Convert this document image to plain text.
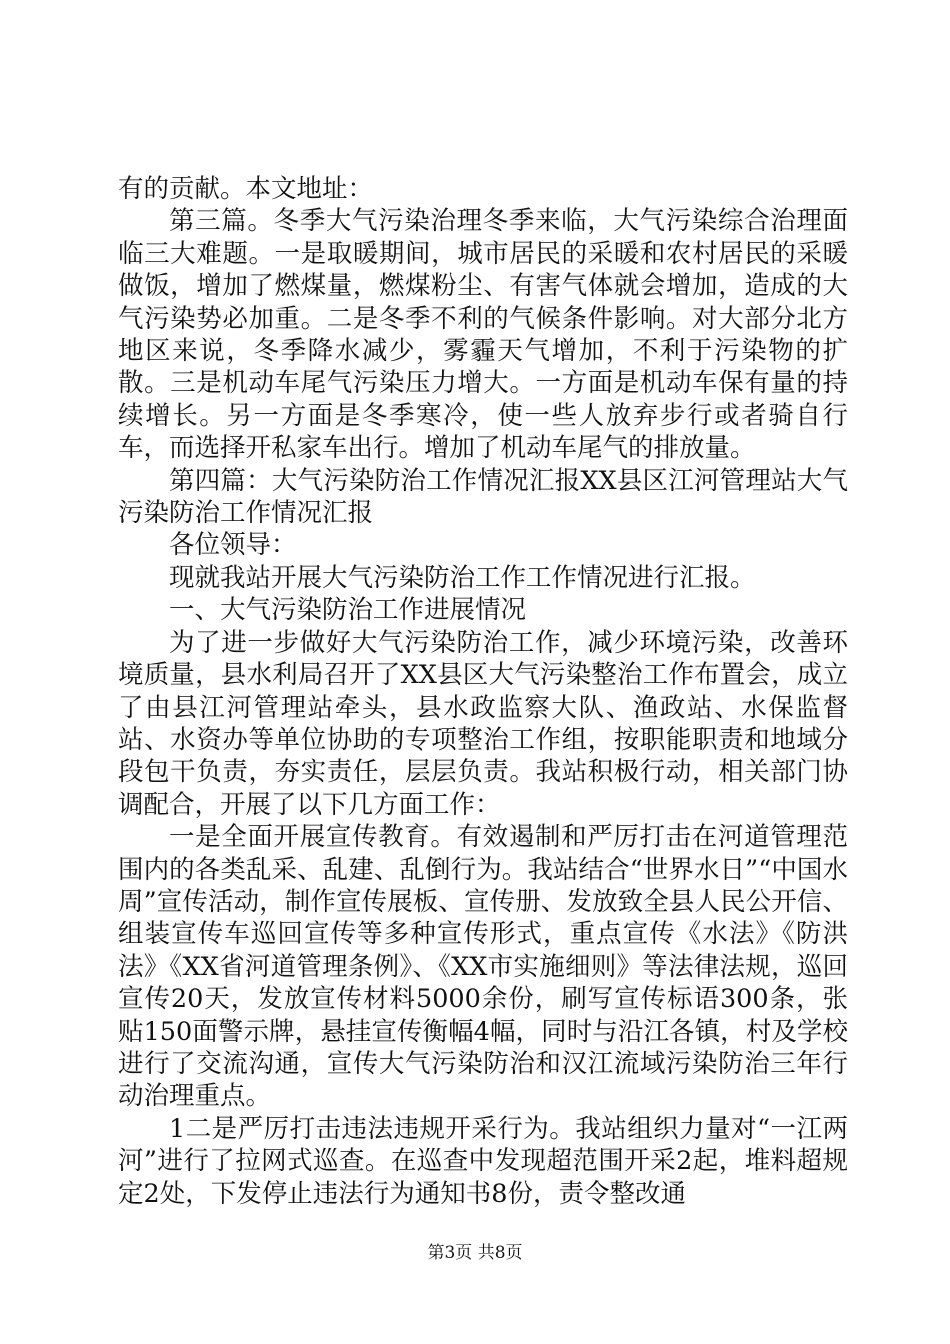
有的贡献。本文地址：

第三篇。冬季大气污染治理冬季来临，大气污染综合治理面临三大难题。一是取暖期间，城市居民的采暖和农村居民的采暖做饭，增加了燃煤量，燃煤粉尘、有害气体就会增加，造成的大气污染势必加重。二是冬季不利的气候条件影响。对大部分北方地区来说，冬季降水减少，雾霾天气增加，不利于污染物的扩散。三是机动车尾气污染压力增大。一方面是机动车保有量的持续增长。另一方面是冬季寒冷，使一些人放弃步行或者骑自行车，而选择开私家车出行。增加了机动车尾气的排放量。

第四篇：大气污染防治工作情况汇报XX县区江河管理站大气污染防治工作情况汇报

各位领导：

现就我站开展大气污染防治工作工作情况进行汇报。

一、大气污染防治工作进展情况

为了进一步做好大气污染防治工作，减少环境污染，改善环境质量，县水利局召开了XX县区大气污染整治工作布置会，成立了由县江河管理站牵头，县水政监察大队、渔政站、水保监督站、水资办等单位协助的专项整治工作组，按职能职责和地域分段包干负责，夯实责任，层层负责。我站积极行动，相关部门协调配合，开展了以下几方面工作：

一是全面开展宣传教育。有效遏制和严厉打击在河道管理范围内的各类乱采、乱建、乱倒行为。我站结合“世界水日”“中国水周”宣传活动，制作宣传展板、宣传册、发放致全县人民公开信、组装宣传车巡回宣传等多种宣传形式，重点宣传《水法》《防洪法》《XX省河道管理条例》、《XX市实施细则》等法律法规，巡回宣传20天，发放宣传材料5000余份，刷写宣传标语300条，张贴150面警示牌，悬挂宣传衡幅4幅，同时与沿江各镇，村及学校进行了交流沟通，宣传大气污染防治和汉江流域污染防治三年行动治理重点。

1二是严厉打击违法违规开采行为。我站组织力量对“一江两河”进行了拉网式巡查。在巡查中发现超范围开采2起，堆料超规定2处，下发停止违法行为通知书8份，责令整改通

第3页 共8页
